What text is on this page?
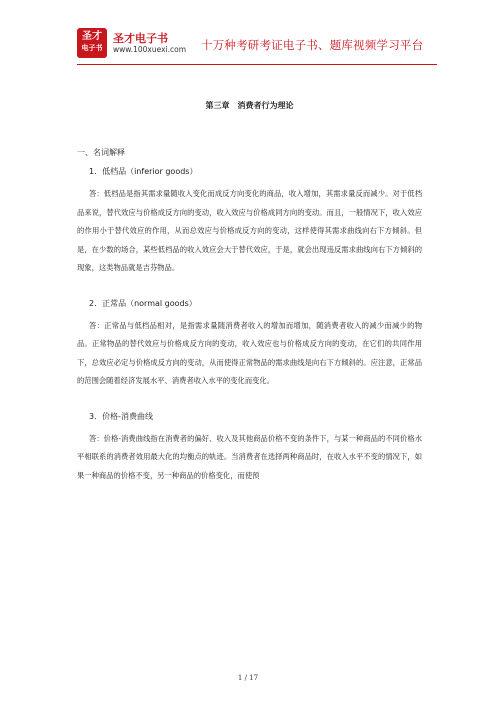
圣才
电子书
圣才电子书
www.100xuexi.com 十万种考研考证电子书、题库视频学习平台
第三章　消费者行为理论
一、名词解释
1．低档品（inferior goods）
答：低档品是指其需求量随收入变化而成反方向变化的商品，收入增加，其需求量反而减少。对于低档品来说，替代效应与价格成反方向的变动，收入效应与价格成同方向的变动。而且，一般情况下，收入效应的作用小于替代效应的作用，从而总效应与价格成反方向的变动，这样使得其需求曲线向右下方倾斜。但是，在少数的场合，某些低档品的收入效应会大于替代效应，于是，就会出现违反需求曲线向右下方倾斜的现象，这类物品就是吉芬物品。
2．正常品（normal goods）
答：正常品与低档品相对，是指需求量随消费者收入的增加而增加，随消费者收入的减少而减少的物品。正常物品的替代效应与价格成反方向的变动，收入效应也与价格成反方向的变动，在它们的共同作用下，总效应必定与价格成反方向的变动，从而使得正常物品的需求曲线是向右下方倾斜的。应注意，正常品的范围会随着经济发展水平、消费者收入水平的变化而变化。
3．价格-消费曲线
答：价格-消费曲线指在消费者的偏好、收入及其他商品价格不变的条件下，与某一种商品的不同价格水平相联系的消费者效用最大化的均衡点的轨迹。当消费者在选择两种商品时，在收入水平不变的情况下，如果一种商品的价格不变，另一种商品的价格变化，而使预
1 / 17
